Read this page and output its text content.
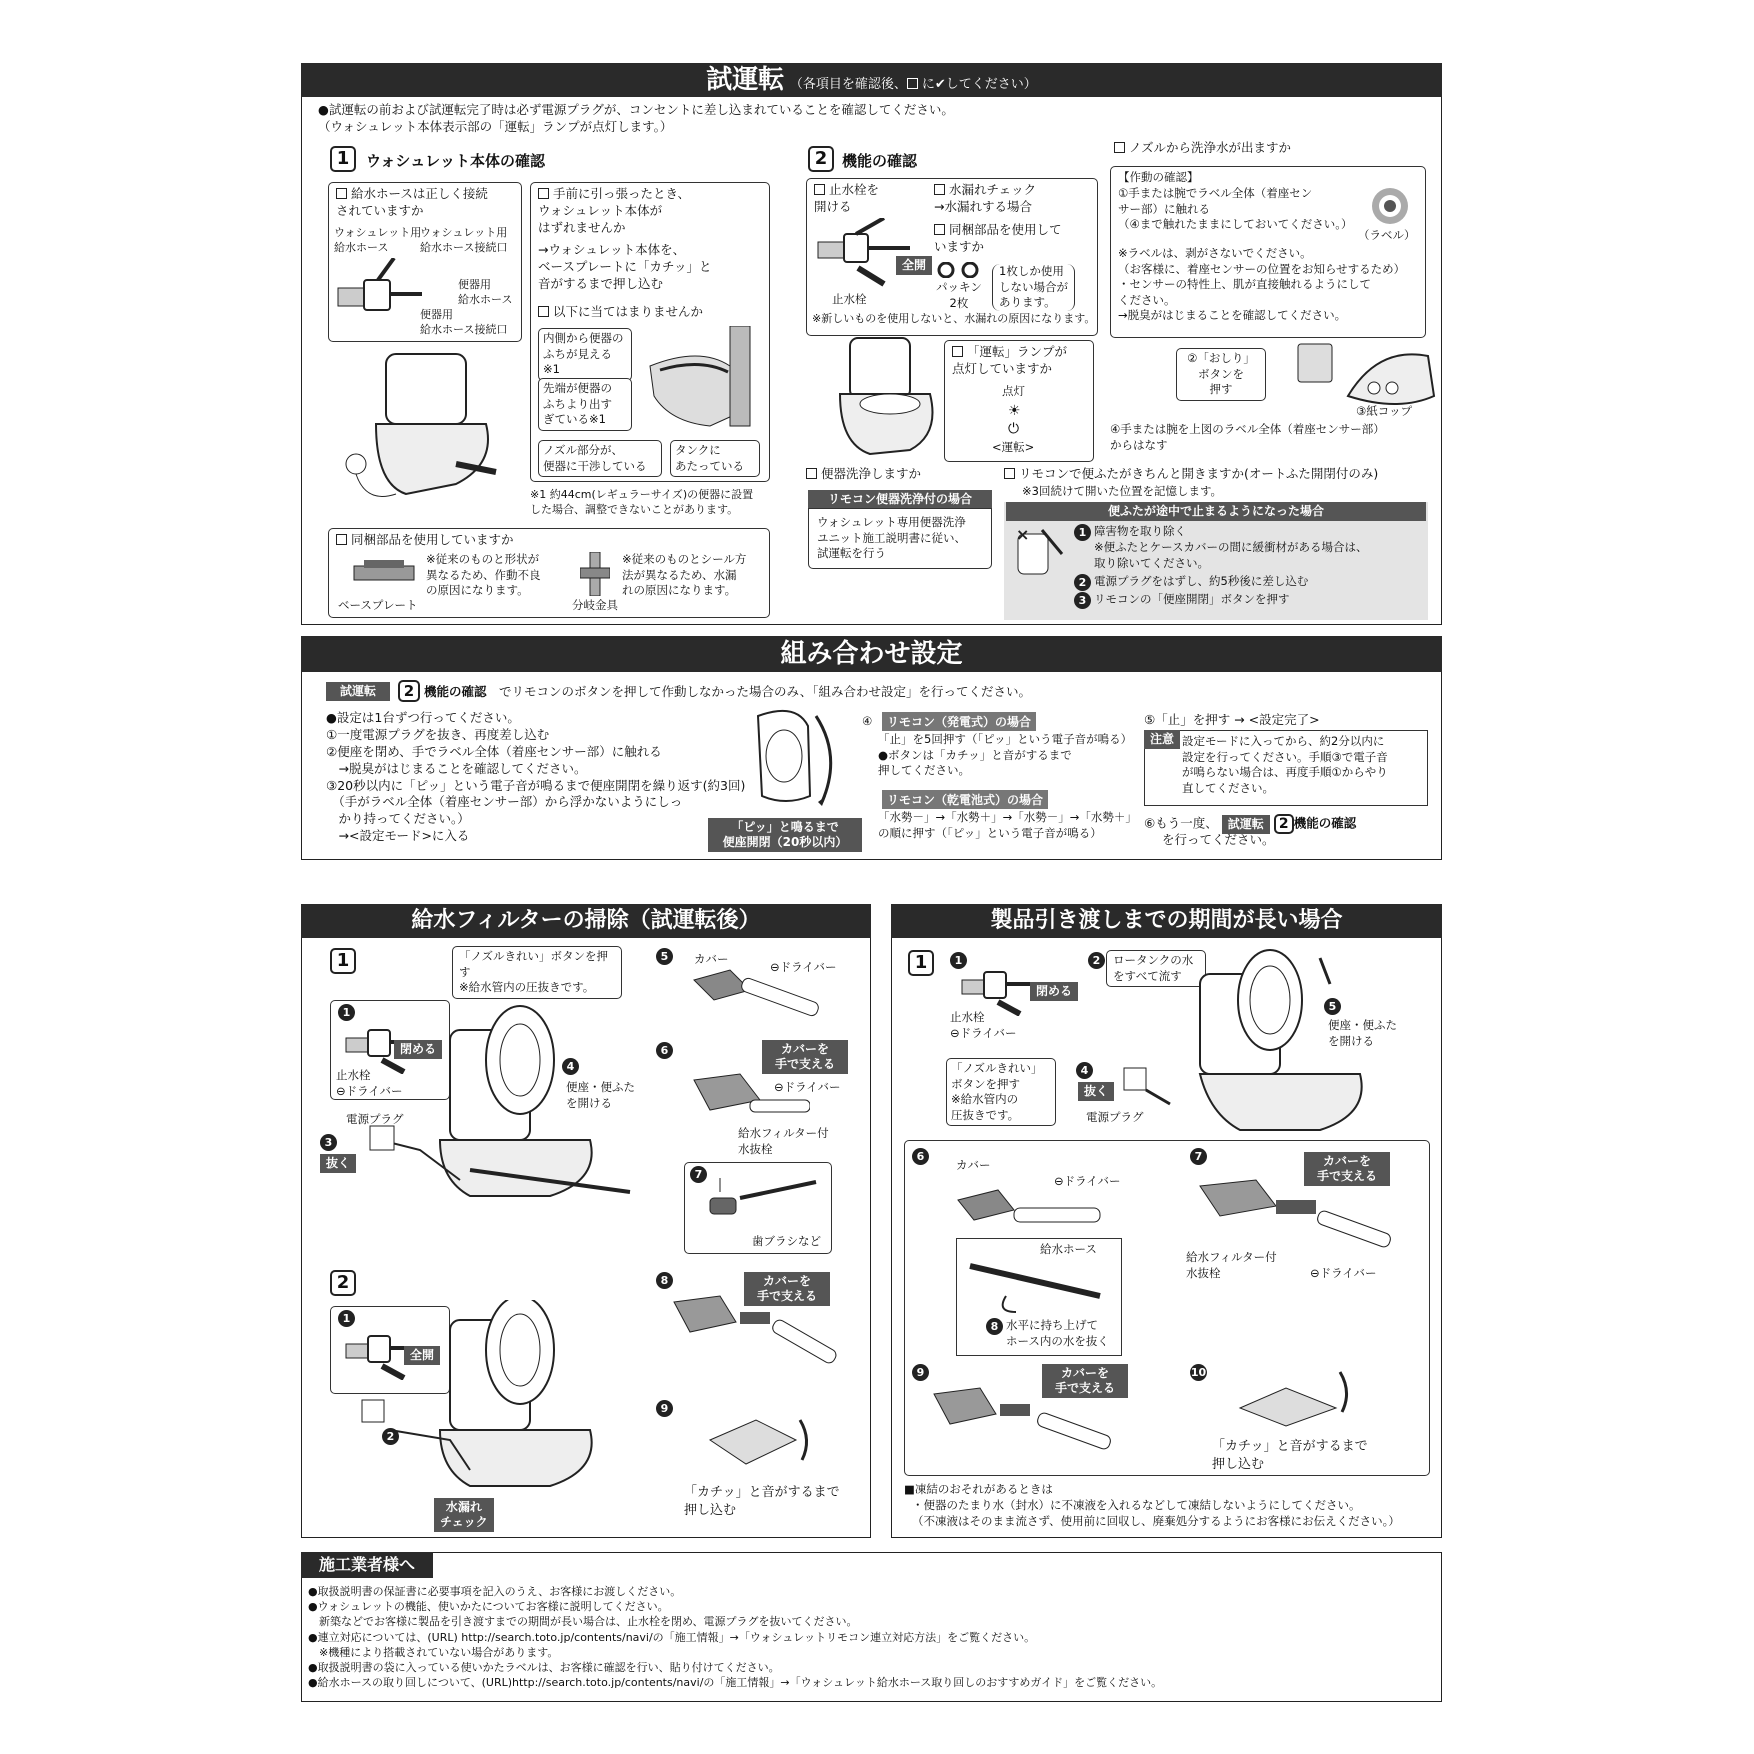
試運転 （各項目を確認後、 に✔してください）
●試運転の前および試運転完了時は必ず電源プラグが、コンセントに差し込まれていることを確認してください。
（ウォシュレット本体表示部の「運転」ランプが点灯します。）
1	ウォシュレット本体の確認
給水ホースは正しく接続
されていますか
ウォシュレット用
給水ホース
ウォシュレット用
給水ホース接続口
便器用
給水ホース
便器用
給水ホース接続口
手前に引っ張ったとき、
ウォシュレット本体が
はずれませんか
→ウォシュレット本体を、
ベースプレートに「カチッ」と
音がするまで押し込む
以下に当てはまりませんか
内側から便器の
ふちが見える※1
先端が便器の
ふちより出す
ぎている※1
ノズル部分が、
便器に干渉している
タンクに
あたっている
※1 約44cm(レギュラーサイズ)の便器に設置
した場合、調整できないことがあります。
同梱部品を使用していますか
※従来のものと形状が
異なるため、作動不良
の原因になります。
ベースプレート
※従来のものとシール方
法が異なるため、水漏
れの原因になります。
分岐金具
2 機能の確認
止水栓を
開ける
全開
止水栓
水漏れチェック
→水漏れする場合
同梱部品を使用して
いますか
パッキン
2枚
1枚しか使用
しない場合が
あります。
※新しいものを使用しないと、水漏れの原因になります。
「運転」ランプが
点灯していますか
点灯
☀
⏻
<運転>
便器洗浄しますか
リモコン便器洗浄付の場合
ウォシュレット専用便器洗浄
ユニット施工説明書に従い、
試運転を行う
ノズルから洗浄水が出ますか
【作動の確認】
①手または腕でラベル全体（着座セン
サー部）に触れる
（④まで触れたままにしておいてください。）
（ラベル）
※ラベルは、剥がさないでください。
（お客様に、着座センサーの位置をお知らせするため）
・センサーの特性上、肌が直接触れるようにして
ください。
→脱臭がはじまることを確認してください。
②「おしり」
ボタンを
押す
③紙コップ
④手または腕を上図のラベル全体（着座センサー部）
からはなす
リモコンで便ふたがきちんと開きますか(オートふた開閉付のみ)
※3回続けて開いた位置を記憶します。
便ふたが途中で止まるようになった場合
×	1 障害物を取り除く
※便ふたとケースカバーの間に緩衝材がある場合は、
取り除いてください。
2 電源プラグをはずし、約5秒後に差し込む
3 リモコンの「便座開閉」ボタンを押す
組み合わせ設定
試運転	2 機能の確認　 でリモコンのボタンを押して作動しなかった場合のみ、「組み合わせ設定」を行ってください。
●設定は1台ずつ行ってください。
①一度電源プラグを抜き、再度差し込む
②便座を閉め、手でラベル全体（着座センサー部）に触れる
　→脱臭がはじまることを確認してください。
③20秒以内に「ピッ」という電子音が鳴るまで便座開閉を繰り返す(約3回)
　（手がラベル全体（着座センサー部）から浮かないようにしっ
　かり持ってください。）
　→<設定モード>に入る
「ピッ」と鳴るまで
便座開閉（20秒以内）
④	リモコン（発電式）の場合
「止」を5回押す（「ピッ」という電子音が鳴る）
●ボタンは「カチッ」と音がするまで
押してください。
リモコン（乾電池式）の場合
「水勢－」→「水勢＋」→「水勢－」→「水勢＋」
の順に押す（「ピッ」という電子音が鳴る）
⑤「止」を押す → <設定完了>
注意 設定モードに入ってから、約2分以内に
設定を行ってください。手順③で電子音
が鳴らない場合は、再度手順①からやり
直してください。
⑥もう一度、 試運転 2 機能の確認
を行ってください。
給水フィルターの掃除（試運転後）
1
1
閉める
止水栓
⊖ドライバー
電源プラグ
3
抜く
「ノズルきれい」ボタンを押す
※給水管内の圧抜きです。
4
便座・便ふた
を開ける
5	カバー
⊖ドライバー
6	カバーを
手で支える
⊖ドライバー
給水フィルター付
水抜栓
7
歯ブラシなど
8	カバーを
手で支える
9
「カチッ」と音がするまで
押し込む
2
1
全開
2
水漏れ
チェック
製品引き渡しまでの期間が長い場合
1	1
閉める
止水栓
⊖ドライバー
2	ロータンクの水
をすべて流す
5
便座・便ふた
を開ける
「ノズルきれい」
ボタンを押す
※給水管内の
圧抜きです。
4
抜く
電源プラグ
6
カバー
⊖ドライバー
給水ホース
8 水平に持ち上げて
ホース内の水を抜く
7	カバーを
手で支える
給水フィルター付
水抜栓	⊖ドライバー
9	カバーを
手で支える
10
「カチッ」と音がするまで
押し込む
■凍結のおそれがあるときは
・便器のたまり水（封水）に不凍液を入れるなどして凍結しないようにしてください。
（不凍液はそのまま流さず、使用前に回収し、廃棄処分するようにお客様にお伝えください。）
施工業者様へ
●取扱説明書の保証書に必要事項を記入のうえ、お客様にお渡しください。
●ウォシュレットの機能、使いかたについてお客様に説明してください。
　新築などでお客様に製品を引き渡すまでの期間が長い場合は、止水栓を閉め、電源プラグを抜いてください。
●連立対応については、(URL) http://search.toto.jp/contents/navi/の「施工情報」→「ウォシュレットリモコン連立対応方法」をご覧ください。
　※機種により搭載されていない場合があります。
●取扱説明書の袋に入っている使いかたラベルは、お客様に確認を行い、貼り付けてください。
●給水ホースの取り回しについて、(URL)http://search.toto.jp/contents/navi/の「施工情報」→「ウォシュレット給水ホース取り回しのおすすめガイド」をご覧ください。
